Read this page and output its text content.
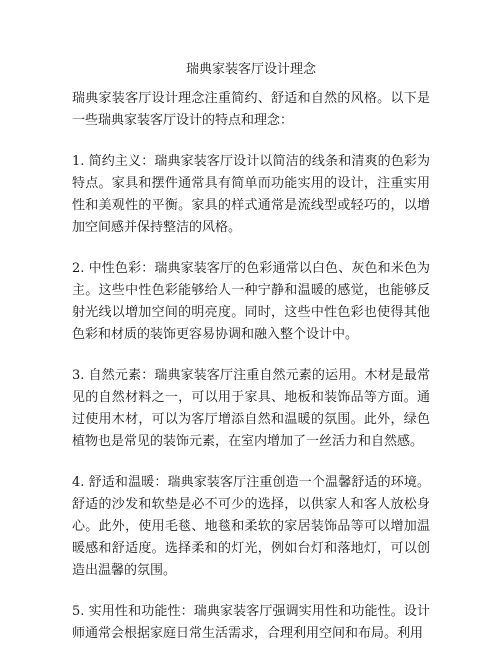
瑞典家装客厅设计理念

瑞典家装客厅设计理念注重简约、舒适和自然的风格。以下是一些瑞典家装客厅设计的特点和理念：

1. 简约主义：瑞典家装客厅设计以简洁的线条和清爽的色彩为特点。家具和摆件通常具有简单而功能实用的设计，注重实用性和美观性的平衡。家具的样式通常是流线型或轻巧的，以增加空间感并保持整洁的风格。

2. 中性色彩：瑞典家装客厅的色彩通常以白色、灰色和米色为主。这些中性色彩能够给人一种宁静和温暖的感觉，也能够反射光线以增加空间的明亮度。同时，这些中性色彩也使得其他色彩和材质的装饰更容易协调和融入整个设计中。

3. 自然元素：瑞典家装客厅注重自然元素的运用。木材是最常见的自然材料之一，可以用于家具、地板和装饰品等方面。通过使用木材，可以为客厅增添自然和温暖的氛围。此外，绿色植物也是常见的装饰元素，在室内增加了一丝活力和自然感。

4. 舒适和温暖：瑞典家装客厅注重创造一个温馨舒适的环境。舒适的沙发和软垫是必不可少的选择，以供家人和客人放松身心。此外，使用毛毯、地毯和柔软的家居装饰品等可以增加温暖感和舒适度。选择柔和的灯光，例如台灯和落地灯，可以创造出温馨的氛围。

5. 实用性和功能性：瑞典家装客厅强调实用性和功能性。设计师通常会根据家庭日常生活需求，合理利用空间和布局。利用
